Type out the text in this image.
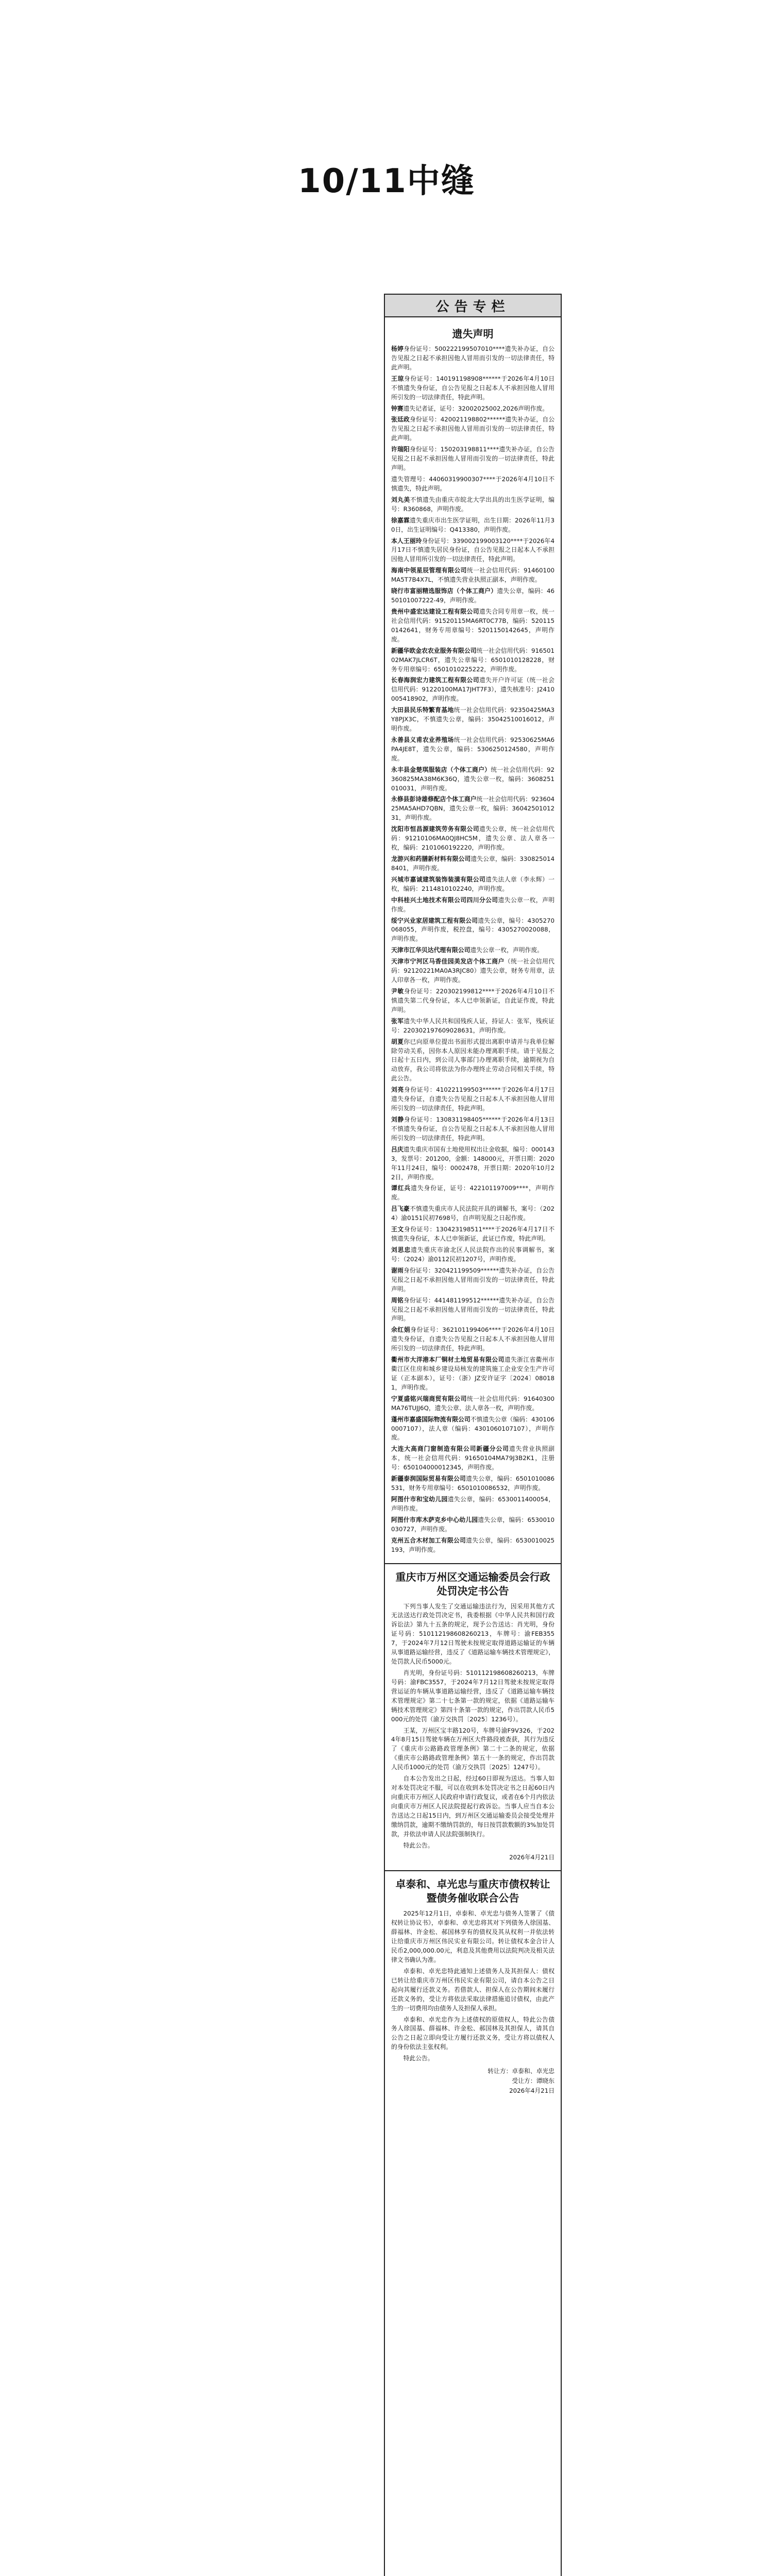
10/11中缝
公告专栏
遗失声明

杨婷身份证号：500222199507010****遗失补办证，自公告见报之日起不承担因他人冒用而引发的一切法律责任，特此声明。

王琼身份证号：140191198908******于2026年4月10日不慎遗失身份证，自公告见报之日起本人不承担因他人冒用所引发的一切法律责任，特此声明。

钟赛遗失记者证，证号：32002025002,2026声明作废。

张廷政身份证号：420021198802******遗失补办证，自公告见报之日起不承担因他人冒用而引发的一切法律责任，特此声明。

许瑞阳身份证号：150203198811****遗失补办证，自公告见报之日起不承担因他人冒用而引发的一切法律责任，特此声明。

遗失管理号：44060319900307****于2026年4月10日不慎遗失，特此声明。

刘丸美不慎遗失由重庆市皖北大学出具的出生医学证明，编号：R360868，声明作废。

徐嘉霖遗失重庆市出生医学证明，出生日期：2026年11月30日，出生证明编号：Q413380，声明作废。

本人王丽玲身份证号：339002199003120****于2026年4月17日不慎遗失居民身份证，自公告见报之日起本人不承担因他人冒用所引发的一切法律责任，特此声明。

海南中领星辰管理有限公司统一社会信用代码：91460100MA5T7B4X7L，不慎遗失营业执照正副本，声明作废。

晓行市富丽精选服饰店（个体工商户）遗失公章，编码：4650101007222-49，声明作废。

贵州中盛宏达建设工程有限公司遗失合同专用章一枚，统一社会信用代码：91520115MA6RT0C77B，编码：5201150142641，财务专用章编号：5201150142645，声明作废。

新疆华欧金农农业服务有限公司统一社会信用代码：91650102MAK7JLCR6T，遗失公章编号：6501010128228，财务专用章编号：6501010225222，声明作废。

长春海润宏力建筑工程有限公司遗失开户许可证（统一社会信用代码：91220100MA17JHT7F3），遗失核准号：J2410005418902，声明作废。

大田县民乐特繁育基地统一社会信用代码：92350425MA3Y8PJX3C，不慎遗失公章，编码：35042510016012，声明作废。

永善县义甫农业养殖场统一社会信用代码：92530625MA6PA4JE8T，遗失公章，编码：5306250124580，声明作废。

永丰县金楚琪服装店（个体工商户）统一社会信用代码：92360825MA38M6K36Q，遗失公章一枚，编码：3608251010031，声明作废。

永修县彭诗雄修配店个体工商户统一社会信用代码：92360425MA5AHD7QBN，遗失公章一枚，编码：3604250101231，声明作废。

沈阳市恒昌源建筑劳务有限公司遗失公章，统一社会信用代码：91210106MA0QJ8HC5M，遗失公章、法人章各一枚，编码：2101060192220，声明作废。

龙游兴和药膳新材料有限公司遗失公章，编码：3308250148401，声明作废。

兴城市嘉诚建筑装饰装潢有限公司遗失法人章（李永辉）一枚，编码：2114810102240，声明作废。

中科桂兴土地技术有限公司四川分公司遗失公章一枚，声明作废。

绥宁兴业家居建筑工程有限公司遗失公章，编号：4305270068055，声明作废，税控盘，编号：4305270020088，声明作废。

天津市江华贝达代理有限公司遗失公章一枚，声明作废。

天津市宁河区马香佳园美发店个体工商户（统一社会信用代码：92120221MA0A3RJC80）遗失公章，财务专用章，法人印章各一枚，声明作废。

尹敏身份证号：220302199812****于2026年4月10日不慎遗失第二代身份证，本人已申领新证，自此证作废，特此声明。

张军遗失中华人民共和国残疾人证，持证人：张军，残疾证号：220302197609028631，声明作废。

胡夏你已向原单位提出书面形式提出离职申请并与我单位解除劳动关系，因你本人原因未能办理离职手续。请于见报之日起十五日内，到公司人事部门办理离职手续，逾期视为自动放弃，我公司将依法为你办理终止劳动合同相关手续，特此公告。

刘亮身份证号：410221199503******于2026年4月17日遗失身份证，自遗失公告见报之日起本人不承担因他人冒用所引发的一切法律责任，特此声明。

刘静身份证号：130831198405******于2026年4月13日不慎遗失身份证，自公告见报之日起本人不承担因他人冒用所引发的一切法律责任，特此声明。

吕庆遗失重庆市国有土地使用权出让金收据，编号：0001433，发票号：201200，金额：148000元，开票日期：2020年11月24日，编号：0002478，开票日期：2020年10月22日，声明作废。

谭红兵遗失身份证，证号：422101197009****，声明作废。

吕飞豪不慎遗失重庆市人民法院开具的调解书，案号：（2024）渝0151民初7698号，自声明见报之日起作废。

王文身份证号：130423198511****于2026年4月17日不慎遗失身份证，本人已申领新证，此证已作废，特此声明。

刘思忠遗失重庆市渝北区人民法院作出的民事调解书，案号：（2024）渝0112民初1207号，声明作废。

谢雨身份证号：320421199509******遗失补办证，自公告见报之日起不承担因他人冒用而引发的一切法律责任，特此声明。

周铭身份证号：441481199512******遗失补办证，自公告见报之日起不承担因他人冒用而引发的一切法律责任，特此声明。

余红娟身份证号：362101199406****于2026年4月10日遗失身份证，自遗失公告见报之日起本人不承担因他人冒用所引发的一切法律责任，特此声明。

衢州市大洋港本厂铜材土地贸易有限公司遗失浙江省衢州市衢江区住房和城乡建设局核发的建筑施工企业安全生产许可证（正本副本），证号：（浙）JZ安许证字〔2024〕080181，声明作废。

宁夏盛铭兴瑞商贸有限公司统一社会信用代码：91640300MA76TUJJ6Q，遗失公章、法人章各一枚，声明作废。

蓬州市嘉盛国际物流有限公司不慎遗失公章（编码：4301060007107），法人章（编码：4301060107107），声明作废。

大连大高商门窗制造有限公司新疆分公司遗失营业执照副本，统一社会信用代码：91650104MA79J3B2K1，注册号：650104000012345，声明作废。

新疆泰润国际贸易有限公司遗失公章，编码：6501010086531，财务专用章编号：6501010086532，声明作废。

阿图什市和宝幼儿园遗失公章，编码：6530011400054，声明作废。

阿图什市库木萨克乡中心幼儿园遗失公章，编码：6530010030727，声明作废。

克州五合木材加工有限公司遗失公章，编码：6530010025193，声明作废。

重庆市万州区交通运输委员会行政处罚决定书公告

下列当事人发生了交通运输违法行为，因采用其他方式无法送达行政处罚决定书，我委根据《中华人民共和国行政诉讼法》第九十五条的规定，现予公告送达：肖光明，身份证号码：510112198608260213，车牌号：渝FEB3557，于2024年7月12日驾驶未按规定取得道路运输证的车辆从事道路运输经营，违反了《道路运输车辆技术管理规定》，处罚款人民币5000元。

肖光明，身份证号码：510112198608260213，车牌号码：渝FBC3557，于2024年7月12日驾驶未按规定取得营运证的车辆从事道路运输经营，违反了《道路运输车辆技术管理规定》第二十七条第一款的规定，依据《道路运输车辆技术管理规定》第四十条第一款的规定，作出罚款人民币5000元的处罚（渝万交执罚〔2025〕1236号）。

王某，万州区宝丰路120号，车牌号渝F9V326，于2024年8月15日驾驶车辆在万州区大件路段被查获，其行为违反了《重庆市公路路政管理条例》第二十二条的规定，依据《重庆市公路路政管理条例》第五十一条的规定，作出罚款人民币1000元的处罚（渝万交执罚〔2025〕1247号）。

自本公告发出之日起，经过60日即视为送达。当事人如对本处罚决定不服，可以在收到本处罚决定书之日起60日内向重庆市万州区人民政府申请行政复议，或者在6个月内依法向重庆市万州区人民法院提起行政诉讼。当事人应当自本公告送达之日起15日内，到万州区交通运输委员会接受处理并缴纳罚款，逾期不缴纳罚款的，每日按罚款数额的3%加处罚款，并依法申请人民法院强制执行。

特此公告。

2026年4月21日
卓泰和、卓光忠与重庆市债权转让暨债务催收联合公告

2025年12月1日，卓泰和、卓光忠与债务人签署了《债权转让协议书》，卓泰和、卓光忠将其对下列债务人徐国基、薛福林、许金松、郝国林享有的债权及其从权利一并依法转让给重庆市万州区伟民实业有限公司。转让债权本金合计人民币2,000,000.00元，利息及其他费用以法院判决及相关法律文书确认为准。

卓泰和、卓光忠特此通知上述债务人及其担保人：债权已转让给重庆市万州区伟民实业有限公司，请自本公告之日起向其履行还款义务。若借款人、担保人在公告期间未履行还款义务的，受让方将依法采取法律措施追讨债权，由此产生的一切费用均由债务人及担保人承担。

卓泰和、卓光忠作为上述债权的原债权人，特此公告债务人徐国基、薛福林、许金松、郝国林及其担保人，请其自公告之日起立即向受让方履行还款义务，受让方将以债权人的身份依法主张权利。

特此公告。

转让方：卓泰和、卓光忠
受让方：谭晓东
2026年4月21日
